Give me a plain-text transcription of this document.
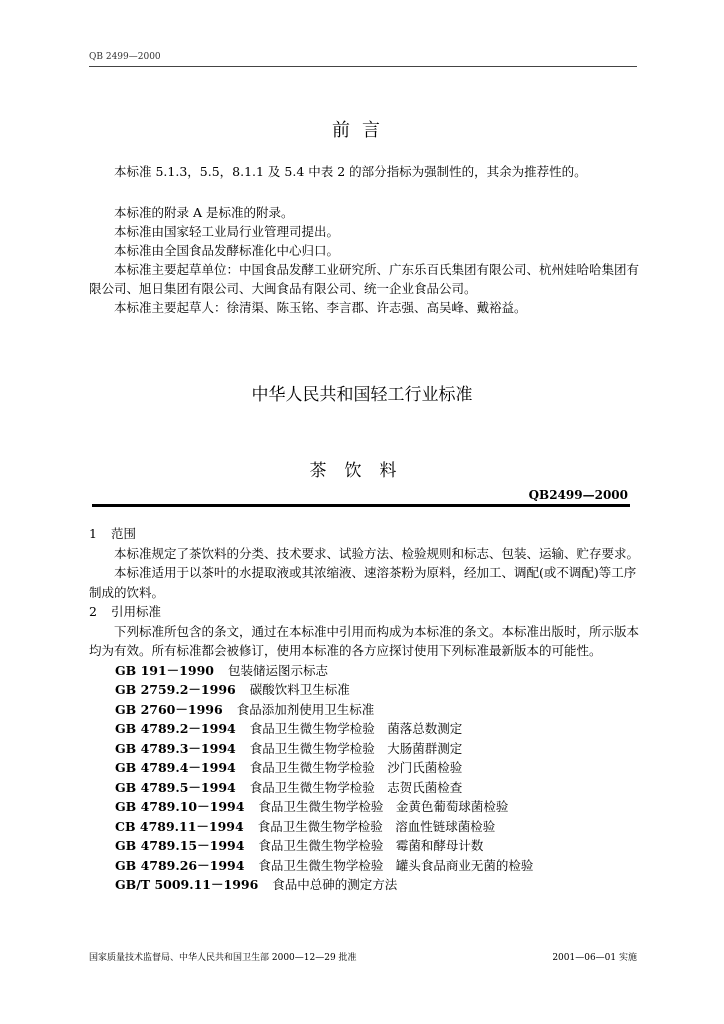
QB 2499—2000
前言

本标准 5.1.3，5.5，8.1.1 及 5.4 中表 2 的部分指标为强制性的，其余为推荐性的。

本标准的附录 A 是标准的附录。

本标准由国家轻工业局行业管理司提出。

本标准由全国食品发酵标准化中心归口。

本标准主要起草单位：中国食品发酵工业研究所、广东乐百氏集团有限公司、杭州娃哈哈集团有限公司、旭日集团有限公司、大闽食品有限公司、统一企业食品公司。

本标准主要起草人：徐清渠、陈玉铭、李言郡、许志强、高吴峰、戴裕益。

中华人民共和国轻工行业标准
茶饮料
QB2499—2000
1 范围

本标准规定了茶饮料的分类、技术要求、试验方法、检验规则和标志、包装、运输、贮存要求。

本标准适用于以茶叶的水提取液或其浓缩液、速溶茶粉为原料，经加工、调配(或不调配)等工序制成的饮料。

2 引用标准

下列标准所包含的条文，通过在本标准中引用而构成为本标准的条文。本标准出版时，所示版本均为有效。所有标准都会被修订，使用本标准的各方应探讨使用下列标准最新版本的可能性。

GB 191－1990 包装储运图示标志
GB 2759.2－1996 碳酸饮料卫生标准
GB 2760－1996 食品添加剂使用卫生标准
GB 4789.2－1994 食品卫生微生物学检验　菌落总数测定
GB 4789.3－1994 食品卫生微生物学检验　大肠菌群测定
GB 4789.4－1994 食品卫生微生物学检验　沙门氏菌检验
GB 4789.5－1994 食品卫生微生物学检验　志贺氏菌检查
GB 4789.10－1994 食品卫生微生物学检验　金黄色葡萄球菌检验
CB 4789.11－1994 食品卫生微生物学检验　溶血性链球菌检验
GB 4789.15－1994 食品卫生微生物学检验　霉菌和酵母计数
GB 4789.26－1994 食品卫生微生物学检验　罐头食品商业无菌的检验
GB/T 5009.11－1996 食品中总砷的测定方法
国家质量技术监督局、中华人民共和国卫生部 2000—12—29 批准	2001—06—01 实施
